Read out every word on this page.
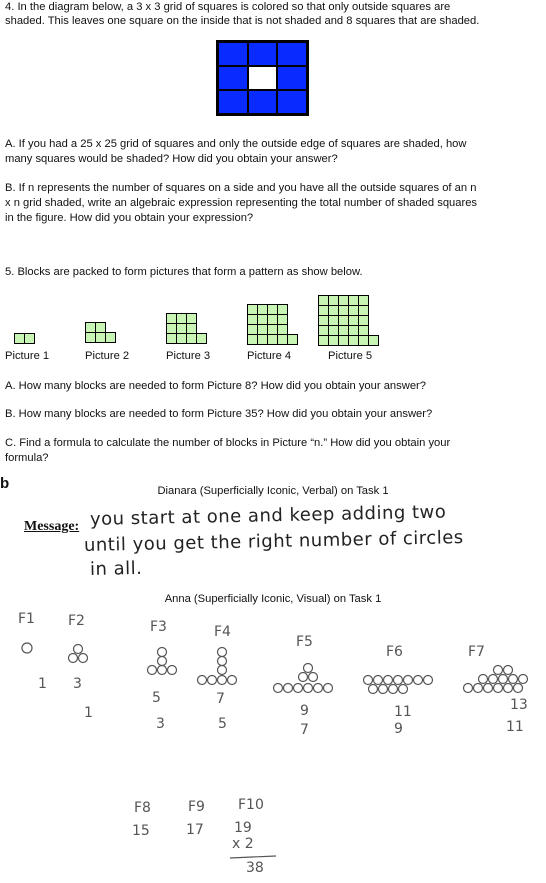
4. In the diagram below, a 3 x 3 grid of squares is colored so that only outside squares are
shaded. This leaves one square on the inside that is not shaded and 8 squares that are shaded.
A. If you had a 25 x 25 grid of squares and only the outside edge of squares are shaded, how
many squares would be shaded? How did you obtain your answer?
B. If n represents the number of squares on a side and you have all the outside squares of an n
x n grid shaded, write an algebraic expression representing the total number of shaded squares
in the figure. How did you obtain your expression?
5. Blocks are packed to form pictures that form a pattern as show below.
Picture 1	Picture 2	Picture 3	Picture 4	Picture 5
A. How many blocks are needed to form Picture 8? How did you obtain your answer?
B. How many blocks are needed to form Picture 35? How did you obtain your answer?
C. Find a formula to calculate the number of blocks in Picture “n.” How did you obtain your
formula?
b	Dianara (Superficially Iconic, Verbal) on Task 1
Message: you start at one and keep adding two
until you get the right number of circles
in all.
Anna (Superficially Iconic, Visual) on Task 1
F1 F2	F3	F4
F5
F6	F7
1 3
5	7
9	11	13
1
3	5	7	9	11
F8	F9 F10
15	17 19
x 2
38
